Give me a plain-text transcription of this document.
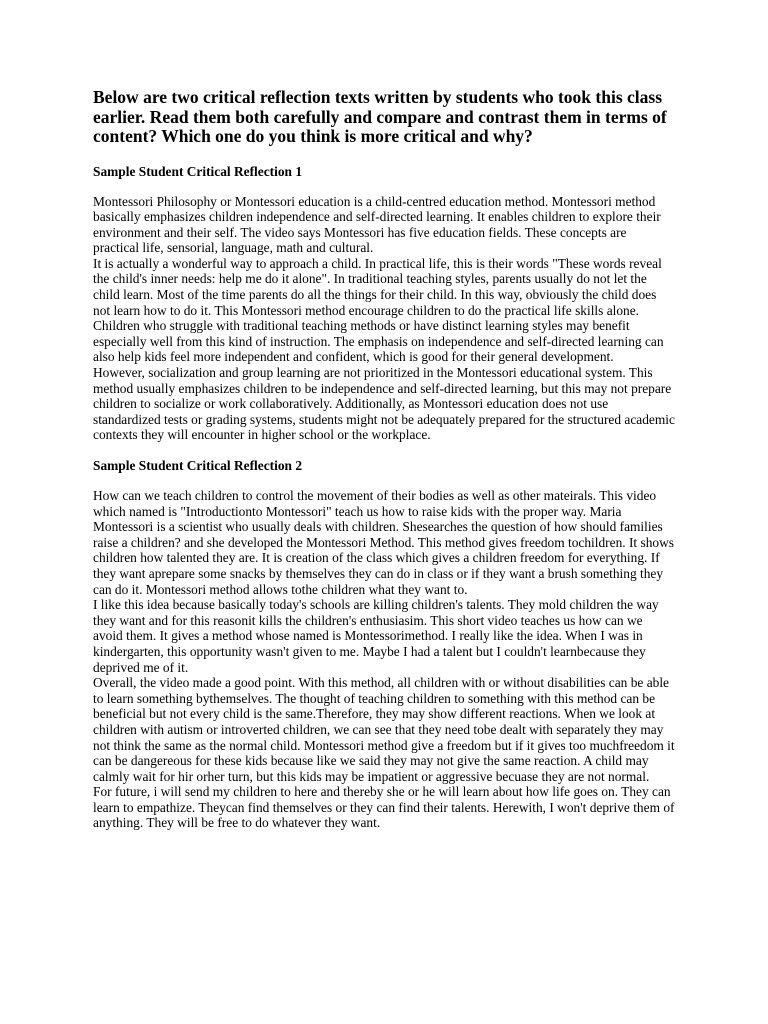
Below are two critical reflection texts written by students who took this class earlier. Read them both carefully and compare and contrast them in terms of content? Which one do you think is more critical and why?
Sample Student Critical Reflection 1

Montessori Philosophy or Montessori education is a child-centred education method. Montessori method basically emphasizes children independence and self-directed learning. It enables children to explore their environment and their self. The video says Montessori has five education fields. These concepts are practical life, sensorial, language, math and cultural.

It is actually a wonderful way to approach a child. In practical life, this is their words "These words reveal the child's inner needs: help me do it alone". In traditional teaching styles, parents usually do not let the child learn. Most of the time parents do all the things for their child. In this way, obviously the child does not learn how to do it. This Montessori method encourage children to do the practical life skills alone. Children who struggle with traditional teaching methods or have distinct learning styles may benefit especially well from this kind of instruction. The emphasis on independence and self-directed learning can also help kids feel more independent and confident, which is good for their general development.

However, socialization and group learning are not prioritized in the Montessori educational system. This method usually emphasizes children to be independence and self-directed learning, but this may not prepare children to socialize or work collaboratively. Additionally, as Montessori education does not use standardized tests or grading systems, students might not be adequately prepared for the structured academic contexts they will encounter in higher school or the workplace.

Sample Student Critical Reflection 2

How can we teach children to control the movement of their bodies as well as other mateirals. This video which named is "Introductionto Montessori" teach us how to raise kids with the proper way. Maria Montessori is a scientist who usually deals with children. Shesearches the question of how should families raise a children? and she developed the Montessori Method. This method gives freedom tochildren. It shows children how talented they are. It is creation of the class which gives a children freedom for everything. If they want aprepare some snacks by themselves they can do in class or if they want a brush something they can do it. Montessori method allows tothe children what they want to.

I like this idea because basically today's schools are killing children's talents. They mold children the way they want and for this reasonit kills the children's enthusiasim. This short video teaches us how can we avoid them. It gives a method whose named is Montessorimethod. I really like the idea. When I was in kindergarten, this opportunity wasn't given to me. Maybe I had a talent but I couldn't learnbecause they deprived me of it.

Overall, the video made a good point. With this method, all children with or without disabilities can be able to learn something bythemselves. The thought of teaching children to something with this method can be beneficial but not every child is the same.Therefore, they may show different reactions. When we look at children with autism or introverted children, we can see that they need tobe dealt with separately they may not think the same as the normal child. Montessori method give a freedom but if it gives too muchfreedom it can be dangereous for these kids because like we said they may not give the same reaction. A child may calmly wait for hir orher turn, but this kids may be impatient or aggressive becuase they are not normal.

For future, i will send my children to here and thereby she or he will learn about how life goes on. They can learn to empathize. Theycan find themselves or they can find their talents. Herewith, I won't deprive them of anything. They will be free to do whatever they want.
